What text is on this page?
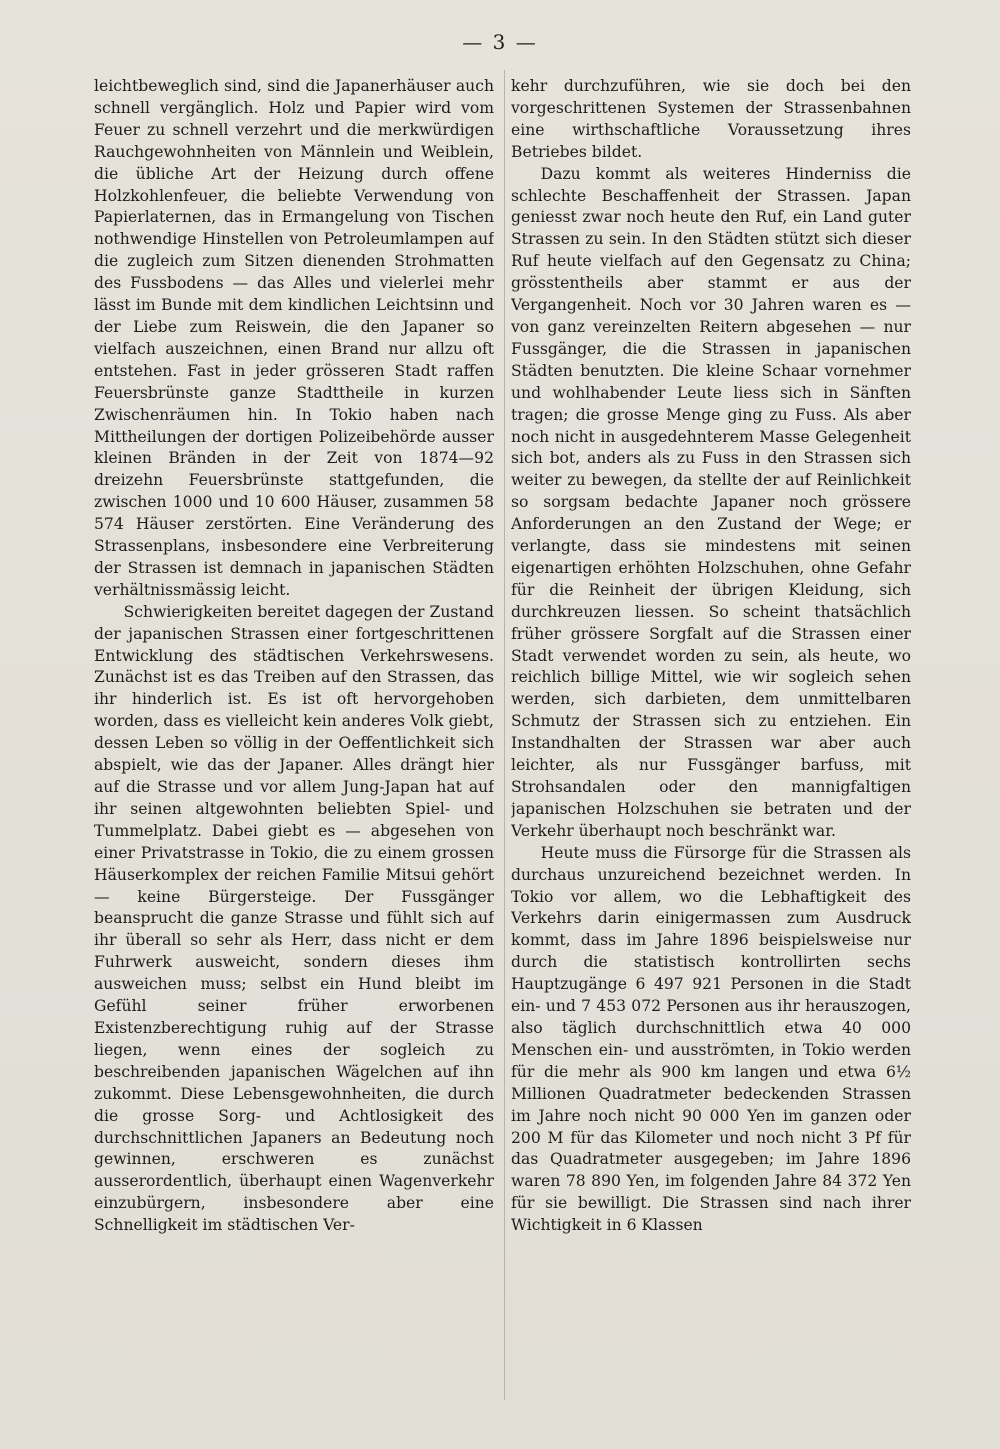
— 3 —

leichtbeweglich sind, sind die Japanerhäuser auch schnell vergänglich. Holz und Papier wird vom Feuer zu schnell verzehrt und die merkwürdigen Rauchgewohnheiten von Männlein und Weiblein, die übliche Art der Heizung durch offene Holzkohlenfeuer, die beliebte Verwendung von Papierlaternen, das in Ermangelung von Tischen nothwendige Hinstellen von Petroleumlampen auf die zugleich zum Sitzen dienenden Strohmatten des Fussbodens — das Alles und vielerlei mehr lässt im Bunde mit dem kindlichen Leichtsinn und der Liebe zum Reiswein, die den Japaner so vielfach auszeichnen, einen Brand nur allzu oft entstehen. Fast in jeder grösseren Stadt raffen Feuersbrünste ganze Stadttheile in kurzen Zwischenräumen hin. In Tokio haben nach Mittheilungen der dortigen Polizeibehörde ausser kleinen Bränden in der Zeit von 1874—92 dreizehn Feuersbrünste stattgefunden, die zwischen 1000 und 10 600 Häuser, zusammen 58 574 Häuser zerstörten. Eine Veränderung des Strassenplans, insbesondere eine Verbreiterung der Strassen ist demnach in japanischen Städten verhältnissmässig leicht.

Schwierigkeiten bereitet dagegen der Zustand der japanischen Strassen einer fortgeschrittenen Entwicklung des städtischen Verkehrswesens. Zunächst ist es das Treiben auf den Strassen, das ihr hinderlich ist. Es ist oft hervorgehoben worden, dass es vielleicht kein anderes Volk giebt, dessen Leben so völlig in der Oeffentlichkeit sich abspielt, wie das der Japaner. Alles drängt hier auf die Strasse und vor allem Jung-Japan hat auf ihr seinen altgewohnten beliebten Spiel- und Tummelplatz. Dabei giebt es — abgesehen von einer Privatstrasse in Tokio, die zu einem grossen Häuserkomplex der reichen Familie Mitsui gehört — keine Bürgersteige. Der Fussgänger beansprucht die ganze Strasse und fühlt sich auf ihr überall so sehr als Herr, dass nicht er dem Fuhrwerk ausweicht, sondern dieses ihm ausweichen muss; selbst ein Hund bleibt im Gefühl seiner früher erworbenen Existenzberechtigung ruhig auf der Strasse liegen, wenn eines der sogleich zu beschreibenden japanischen Wägelchen auf ihn zukommt. Diese Lebensgewohnheiten, die durch die grosse Sorg- und Achtlosigkeit des durchschnittlichen Japaners an Bedeutung noch gewinnen, erschweren es zunächst ausserordentlich, überhaupt einen Wagenverkehr einzubürgern, insbesondere aber eine Schnelligkeit im städtischen Ver-

kehr durchzuführen, wie sie doch bei den vorgeschrittenen Systemen der Strassenbahnen eine wirthschaftliche Voraussetzung ihres Betriebes bildet.

Dazu kommt als weiteres Hinderniss die schlechte Beschaffenheit der Strassen. Japan geniesst zwar noch heute den Ruf, ein Land guter Strassen zu sein. In den Städten stützt sich dieser Ruf heute vielfach auf den Gegensatz zu China; grösstentheils aber stammt er aus der Vergangenheit. Noch vor 30 Jahren waren es — von ganz vereinzelten Reitern abgesehen — nur Fussgänger, die die Strassen in japanischen Städten benutzten. Die kleine Schaar vornehmer und wohlhabender Leute liess sich in Sänften tragen; die grosse Menge ging zu Fuss. Als aber noch nicht in ausgedehnterem Masse Gelegenheit sich bot, anders als zu Fuss in den Strassen sich weiter zu bewegen, da stellte der auf Reinlichkeit so sorgsam bedachte Japaner noch grössere Anforderungen an den Zustand der Wege; er verlangte, dass sie mindestens mit seinen eigenartigen erhöhten Holzschuhen, ohne Gefahr für die Reinheit der übrigen Kleidung, sich durchkreuzen liessen. So scheint thatsächlich früher grössere Sorgfalt auf die Strassen einer Stadt verwendet worden zu sein, als heute, wo reichlich billige Mittel, wie wir sogleich sehen werden, sich darbieten, dem unmittelbaren Schmutz der Strassen sich zu entziehen. Ein Instandhalten der Strassen war aber auch leichter, als nur Fussgänger barfuss, mit Strohsandalen oder den mannigfaltigen japanischen Holzschuhen sie betraten und der Verkehr überhaupt noch beschränkt war.

Heute muss die Fürsorge für die Strassen als durchaus unzureichend bezeichnet werden. In Tokio vor allem, wo die Lebhaftigkeit des Verkehrs darin einigermassen zum Ausdruck kommt, dass im Jahre 1896 beispielsweise nur durch die statistisch kontrollirten sechs Hauptzugänge 6 497 921 Personen in die Stadt ein- und 7 453 072 Personen aus ihr herauszogen, also täglich durchschnittlich etwa 40 000 Menschen ein- und ausströmten, in Tokio werden für die mehr als 900 km langen und etwa 6½ Millionen Quadratmeter bedeckenden Strassen im Jahre noch nicht 90 000 Yen im ganzen oder 200 M für das Kilometer und noch nicht 3 Pf für das Quadratmeter ausgegeben; im Jahre 1896 waren 78 890 Yen, im folgenden Jahre 84 372 Yen für sie bewilligt. Die Strassen sind nach ihrer Wichtigkeit in 6 Klassen
